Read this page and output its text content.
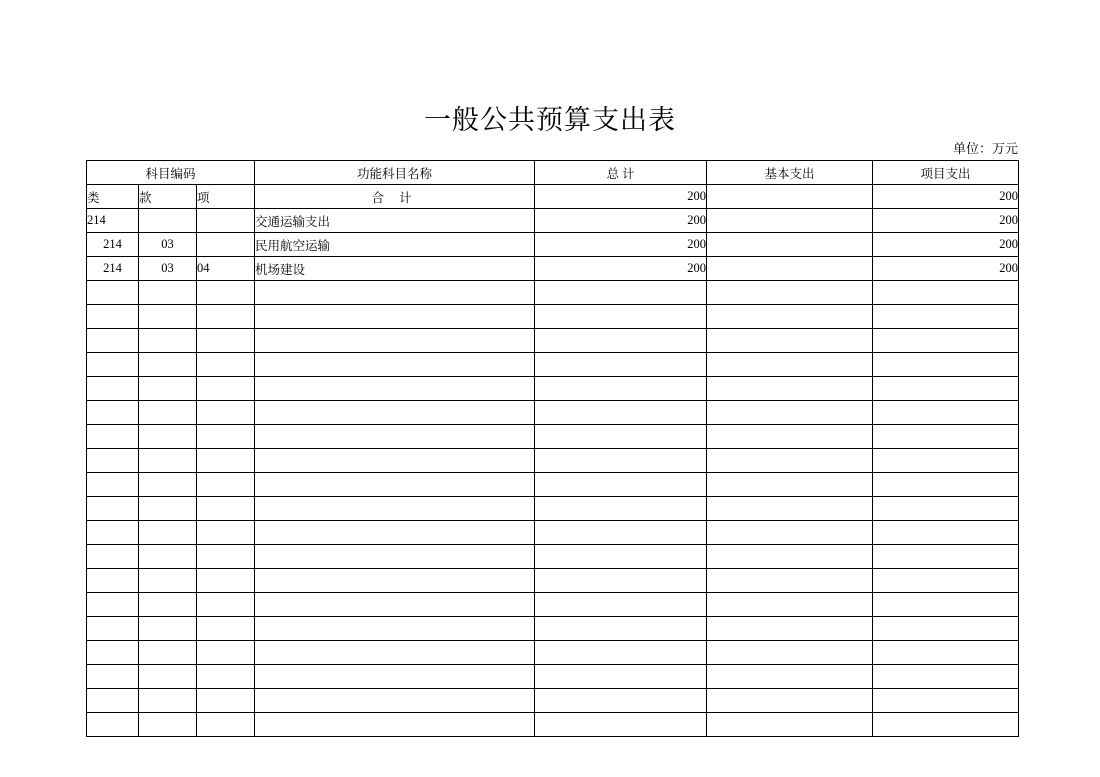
一般公共预算支出表
单位：万元
科目编码			功能科目名称	总 计	基本支出	项目支出
类	款	项	合 计	200		200
214			交通运输支出	200		200
214	03		民用航空运输	200		200
214	03	04	机场建设	200		200
